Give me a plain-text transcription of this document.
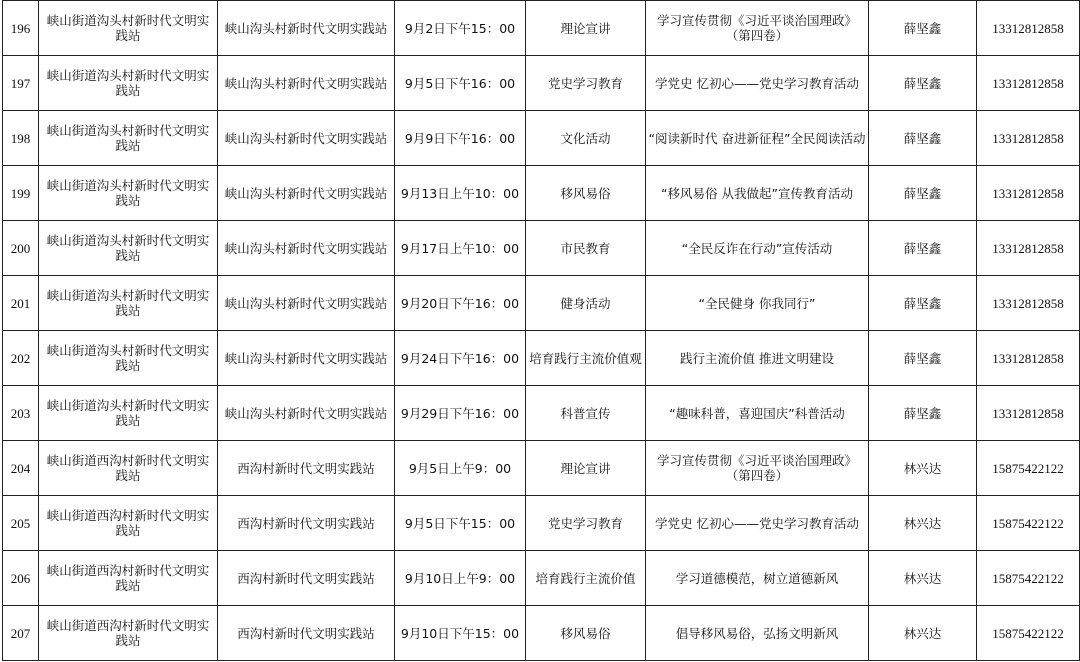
196	峡山街道沟头村新时代文明实践站	峡山沟头村新时代文明实践站	9月2日下午15：00	理论宣讲	学习宣传贯彻《习近平谈治国理政》（第四卷）	薛坚鑫	13312812858
197	峡山街道沟头村新时代文明实践站	峡山沟头村新时代文明实践站	9月5日下午16：00	党史学习教育	学党史 忆初心——党史学习教育活动	薛坚鑫	13312812858
198	峡山街道沟头村新时代文明实践站	峡山沟头村新时代文明实践站	9月9日下午16：00	文化活动	“阅读新时代 奋进新征程”全民阅读活动	薛坚鑫	13312812858
199	峡山街道沟头村新时代文明实践站	峡山沟头村新时代文明实践站	9月13日上午10：00	移风易俗	“移风易俗 从我做起”宣传教育活动	薛坚鑫	13312812858
200	峡山街道沟头村新时代文明实践站	峡山沟头村新时代文明实践站	9月17日上午10：00	市民教育	“全民反诈在行动”宣传活动	薛坚鑫	13312812858
201	峡山街道沟头村新时代文明实践站	峡山沟头村新时代文明实践站	9月20日下午16：00	健身活动	“全民健身 你我同行”	薛坚鑫	13312812858
202	峡山街道沟头村新时代文明实践站	峡山沟头村新时代文明实践站	9月24日下午16：00	培育践行主流价值观	践行主流价值 推进文明建设	薛坚鑫	13312812858
203	峡山街道沟头村新时代文明实践站	峡山沟头村新时代文明实践站	9月29日下午16：00	科普宣传	“趣味科普，喜迎国庆”科普活动	薛坚鑫	13312812858
204	峡山街道西沟村新时代文明实践站	西沟村新时代文明实践站	9月5日上午9：00	理论宣讲	学习宣传贯彻《习近平谈治国理政》（第四卷）	林兴达	15875422122
205	峡山街道西沟村新时代文明实践站	西沟村新时代文明实践站	9月5日下午15：00	党史学习教育	学党史 忆初心——党史学习教育活动	林兴达	15875422122
206	峡山街道西沟村新时代文明实践站	西沟村新时代文明实践站	9月10日上午9：00	培育践行主流价值	学习道德模范，树立道德新风	林兴达	15875422122
207	峡山街道西沟村新时代文明实践站	西沟村新时代文明实践站	9月10日下午15：00	移风易俗	倡导移风易俗，弘扬文明新风	林兴达	15875422122
